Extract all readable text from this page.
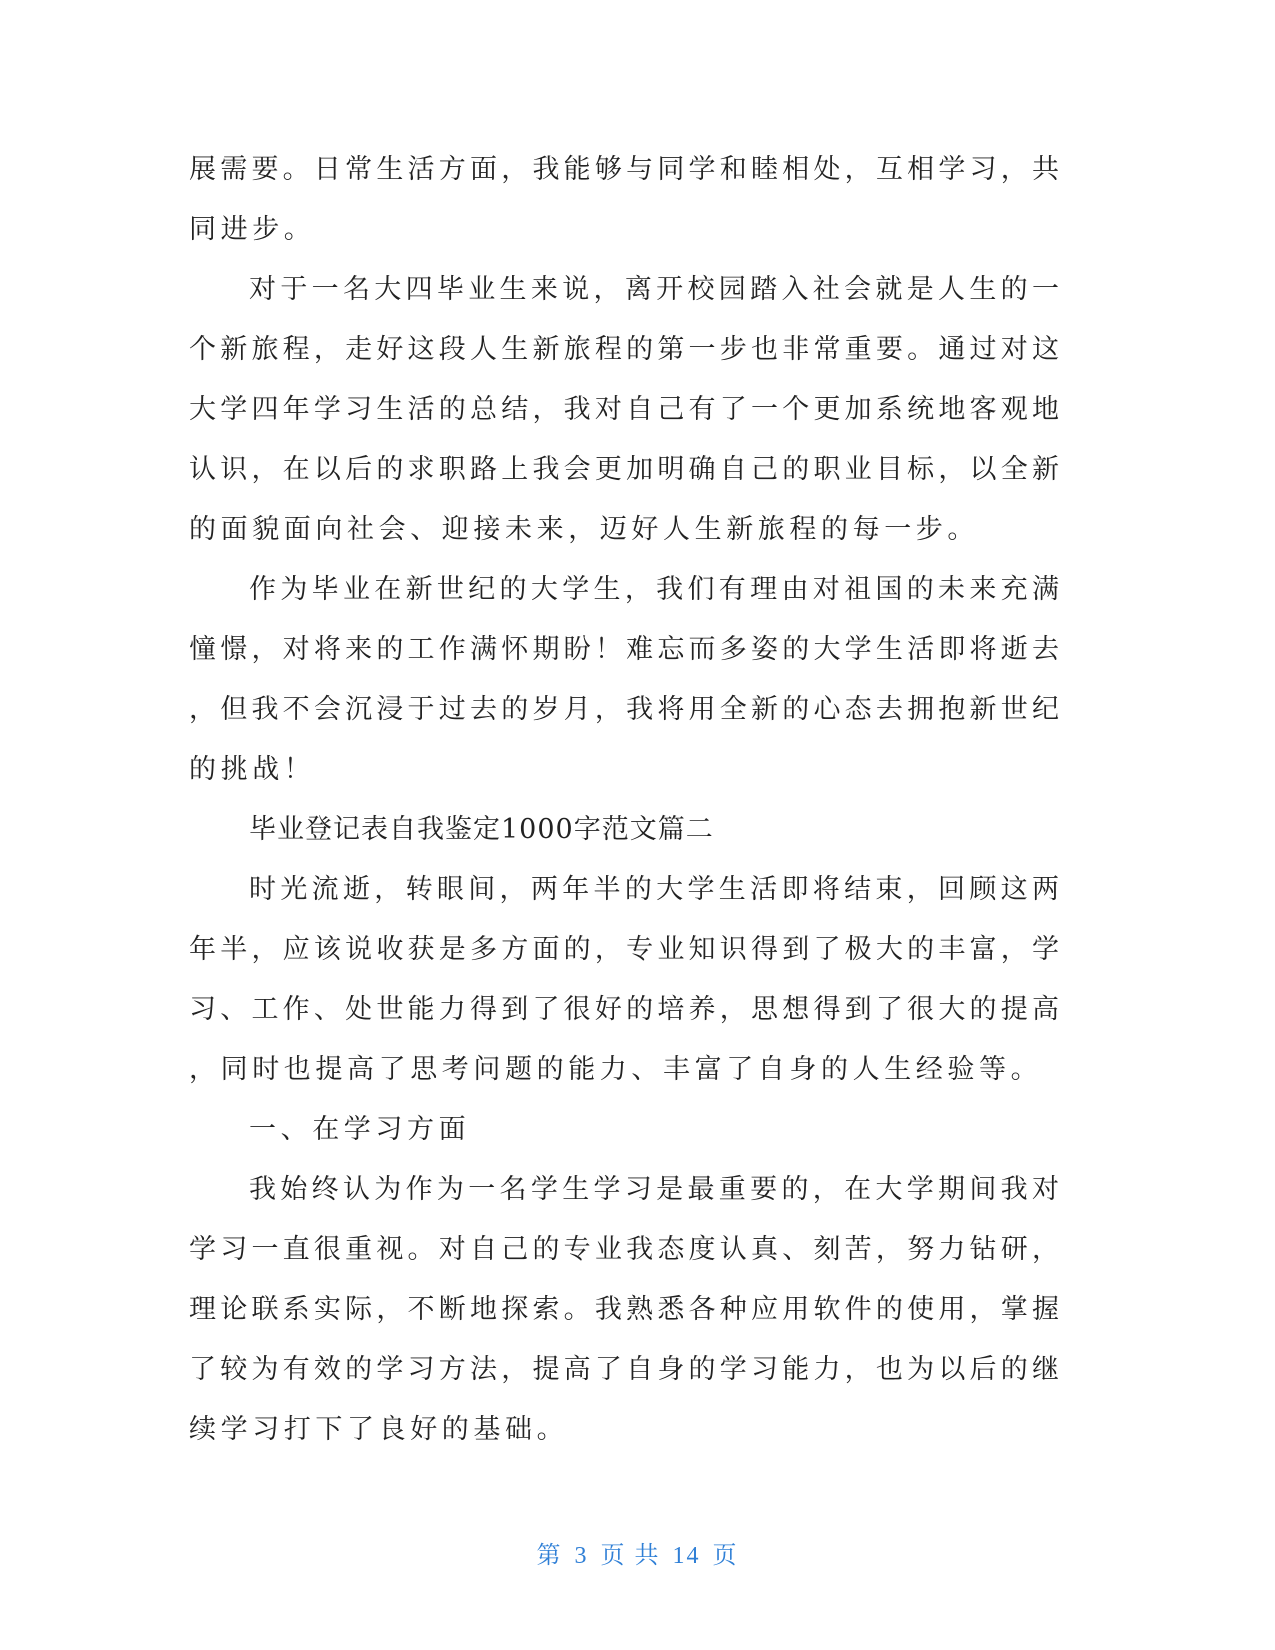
展需要。日常生活方面，我能够与同学和睦相处，互相学习，共
同进步。
对于一名大四毕业生来说，离开校园踏入社会就是人生的一
个新旅程，走好这段人生新旅程的第一步也非常重要。通过对这
大学四年学习生活的总结，我对自己有了一个更加系统地客观地
认识，在以后的求职路上我会更加明确自己的职业目标，以全新
的面貌面向社会、迎接未来，迈好人生新旅程的每一步。
作为毕业在新世纪的大学生，我们有理由对祖国的未来充满
憧憬，对将来的工作满怀期盼！难忘而多姿的大学生活即将逝去
，但我不会沉浸于过去的岁月，我将用全新的心态去拥抱新世纪
的挑战！
毕业登记表自我鉴定1000字范文篇二
时光流逝，转眼间，两年半的大学生活即将结束，回顾这两
年半，应该说收获是多方面的，专业知识得到了极大的丰富，学
习、工作、处世能力得到了很好的培养，思想得到了很大的提高
，同时也提高了思考问题的能力、丰富了自身的人生经验等。
一、在学习方面
我始终认为作为一名学生学习是最重要的，在大学期间我对
学习一直很重视。对自己的专业我态度认真、刻苦，努力钻研，
理论联系实际，不断地探索。我熟悉各种应用软件的使用，掌握
了较为有效的学习方法，提高了自身的学习能力，也为以后的继
续学习打下了良好的基础。
第 3 页 共 14 页
